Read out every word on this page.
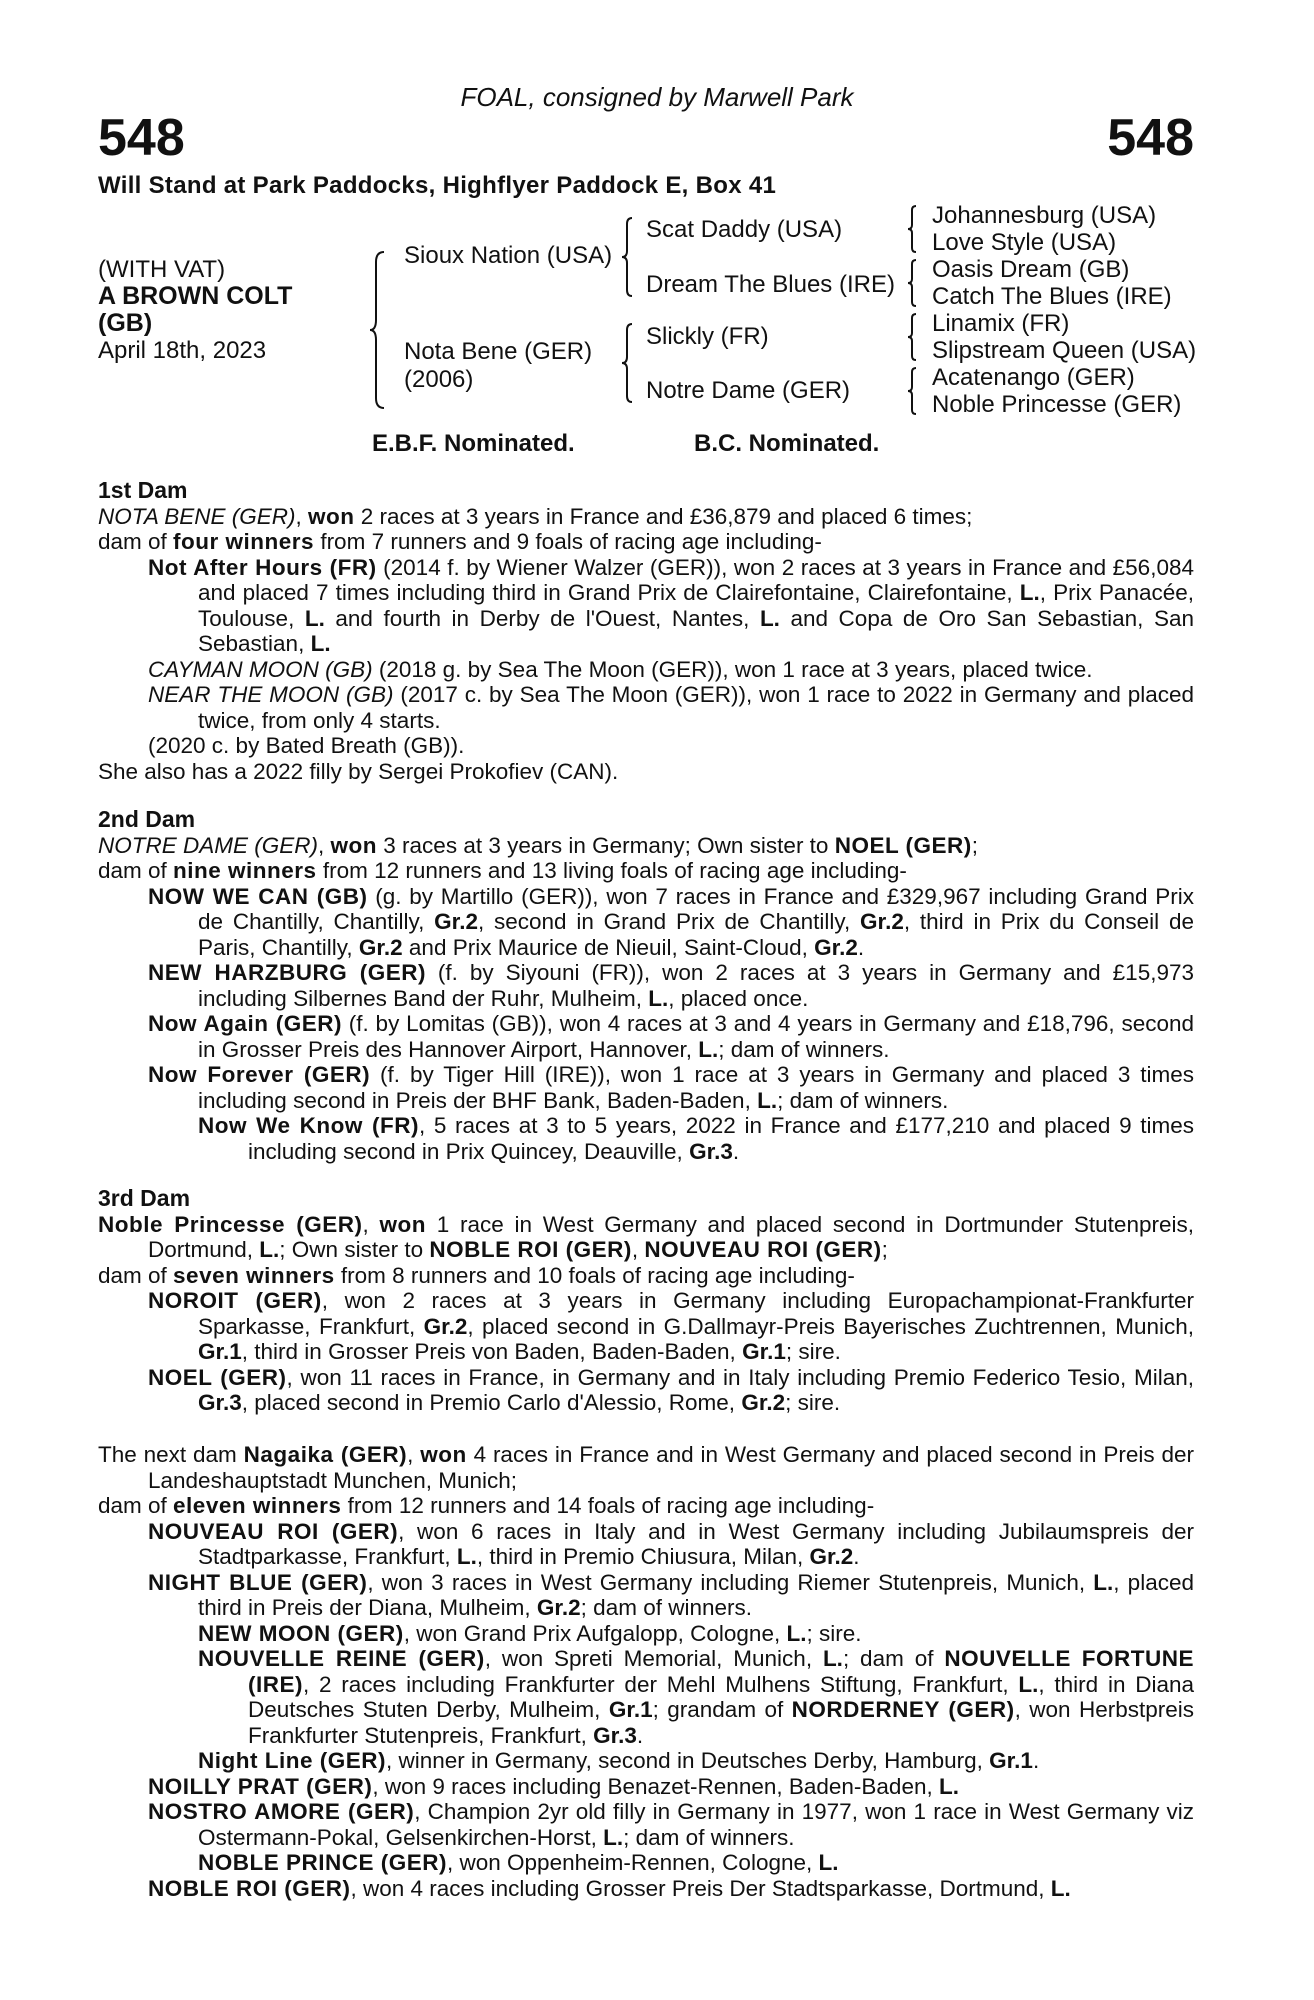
FOAL, consigned by Marwell Park
548	548
Will Stand at Park Paddocks, Highflyer Paddock E, Box 41
(WITH VAT)
A BROWN COLT
(GB)
April 18th, 2023
Sioux Nation (USA)
Nota Bene (GER)
(2006)
Scat Daddy (USA)
Dream The Blues (IRE)
Slickly (FR)
Notre Dame (GER)
Johannesburg (USA)
Love Style (USA)
Oasis Dream (GB)
Catch The Blues (IRE)
Linamix (FR)
Slipstream Queen (USA)
Acatenango (GER)
Noble Princesse (GER)
E.B.F. Nominated.	B.C. Nominated.
1st Dam
NOTA BENE (GER), won 2 races at 3 years in France and £36,879 and placed 6 times;
dam of four winners from 7 runners and 9 foals of racing age including-
Not After Hours (FR) (2014 f. by Wiener Walzer (GER)), won 2 races at 3 years in France and £56,084 and placed 7 times including third in Grand Prix de Clairefontaine, Clairefontaine, L., Prix Panacée, Toulouse, L. and fourth in Derby de l'Ouest, Nantes, L. and Copa de Oro San Sebastian, San Sebastian, L.
CAYMAN MOON (GB) (2018 g. by Sea The Moon (GER)), won 1 race at 3 years, placed twice.
NEAR THE MOON (GB) (2017 c. by Sea The Moon (GER)), won 1 race to 2022 in Germany and placed twice, from only 4 starts.
(2020 c. by Bated Breath (GB)).
She also has a 2022 filly by Sergei Prokofiev (CAN).
2nd Dam
NOTRE DAME (GER), won 3 races at 3 years in Germany; Own sister to NOEL (GER);
dam of nine winners from 12 runners and 13 living foals of racing age including-
NOW WE CAN (GB) (g. by Martillo (GER)), won 7 races in France and £329,967 including Grand Prix de Chantilly, Chantilly, Gr.2, second in Grand Prix de Chantilly, Gr.2, third in Prix du Conseil de Paris, Chantilly, Gr.2 and Prix Maurice de Nieuil, Saint-Cloud, Gr.2.
NEW HARZBURG (GER) (f. by Siyouni (FR)), won 2 races at 3 years in Germany and £15,973 including Silbernes Band der Ruhr, Mulheim, L., placed once.
Now Again (GER) (f. by Lomitas (GB)), won 4 races at 3 and 4 years in Germany and £18,796, second in Grosser Preis des Hannover Airport, Hannover, L.; dam of winners.
Now Forever (GER) (f. by Tiger Hill (IRE)), won 1 race at 3 years in Germany and placed 3 times including second in Preis der BHF Bank, Baden-Baden, L.; dam of winners.
Now We Know (FR), 5 races at 3 to 5 years, 2022 in France and £177,210 and placed 9 times including second in Prix Quincey, Deauville, Gr.3.
3rd Dam
Noble Princesse (GER), won 1 race in West Germany and placed second in Dortmunder Stutenpreis, Dortmund, L.; Own sister to NOBLE ROI (GER), NOUVEAU ROI (GER);
dam of seven winners from 8 runners and 10 foals of racing age including-
NOROIT (GER), won 2 races at 3 years in Germany including Europachampionat-Frankfurter Sparkasse, Frankfurt, Gr.2, placed second in G.Dallmayr-Preis Bayerisches Zuchtrennen, Munich, Gr.1, third in Grosser Preis von Baden, Baden-Baden, Gr.1; sire.
NOEL (GER), won 11 races in France, in Germany and in Italy including Premio Federico Tesio, Milan, Gr.3, placed second in Premio Carlo d'Alessio, Rome, Gr.2; sire.
The next dam Nagaika (GER), won 4 races in France and in West Germany and placed second in Preis der Landeshauptstadt Munchen, Munich;
dam of eleven winners from 12 runners and 14 foals of racing age including-
NOUVEAU ROI (GER), won 6 races in Italy and in West Germany including Jubilaumspreis der Stadtparkasse, Frankfurt, L., third in Premio Chiusura, Milan, Gr.2.
NIGHT BLUE (GER), won 3 races in West Germany including Riemer Stutenpreis, Munich, L., placed third in Preis der Diana, Mulheim, Gr.2; dam of winners.
NEW MOON (GER), won Grand Prix Aufgalopp, Cologne, L.; sire.
NOUVELLE REINE (GER), won Spreti Memorial, Munich, L.; dam of NOUVELLE FORTUNE (IRE), 2 races including Frankfurter der Mehl Mulhens Stiftung, Frankfurt, L., third in Diana Deutsches Stuten Derby, Mulheim, Gr.1; grandam of NORDERNEY (GER), won Herbstpreis Frankfurter Stutenpreis, Frankfurt, Gr.3.
Night Line (GER), winner in Germany, second in Deutsches Derby, Hamburg, Gr.1.
NOILLY PRAT (GER), won 9 races including Benazet-Rennen, Baden-Baden, L.
NOSTRO AMORE (GER), Champion 2yr old filly in Germany in 1977, won 1 race in West Germany viz Ostermann-Pokal, Gelsenkirchen-Horst, L.; dam of winners.
NOBLE PRINCE (GER), won Oppenheim-Rennen, Cologne, L.
NOBLE ROI (GER), won 4 races including Grosser Preis Der Stadtsparkasse, Dortmund, L.
